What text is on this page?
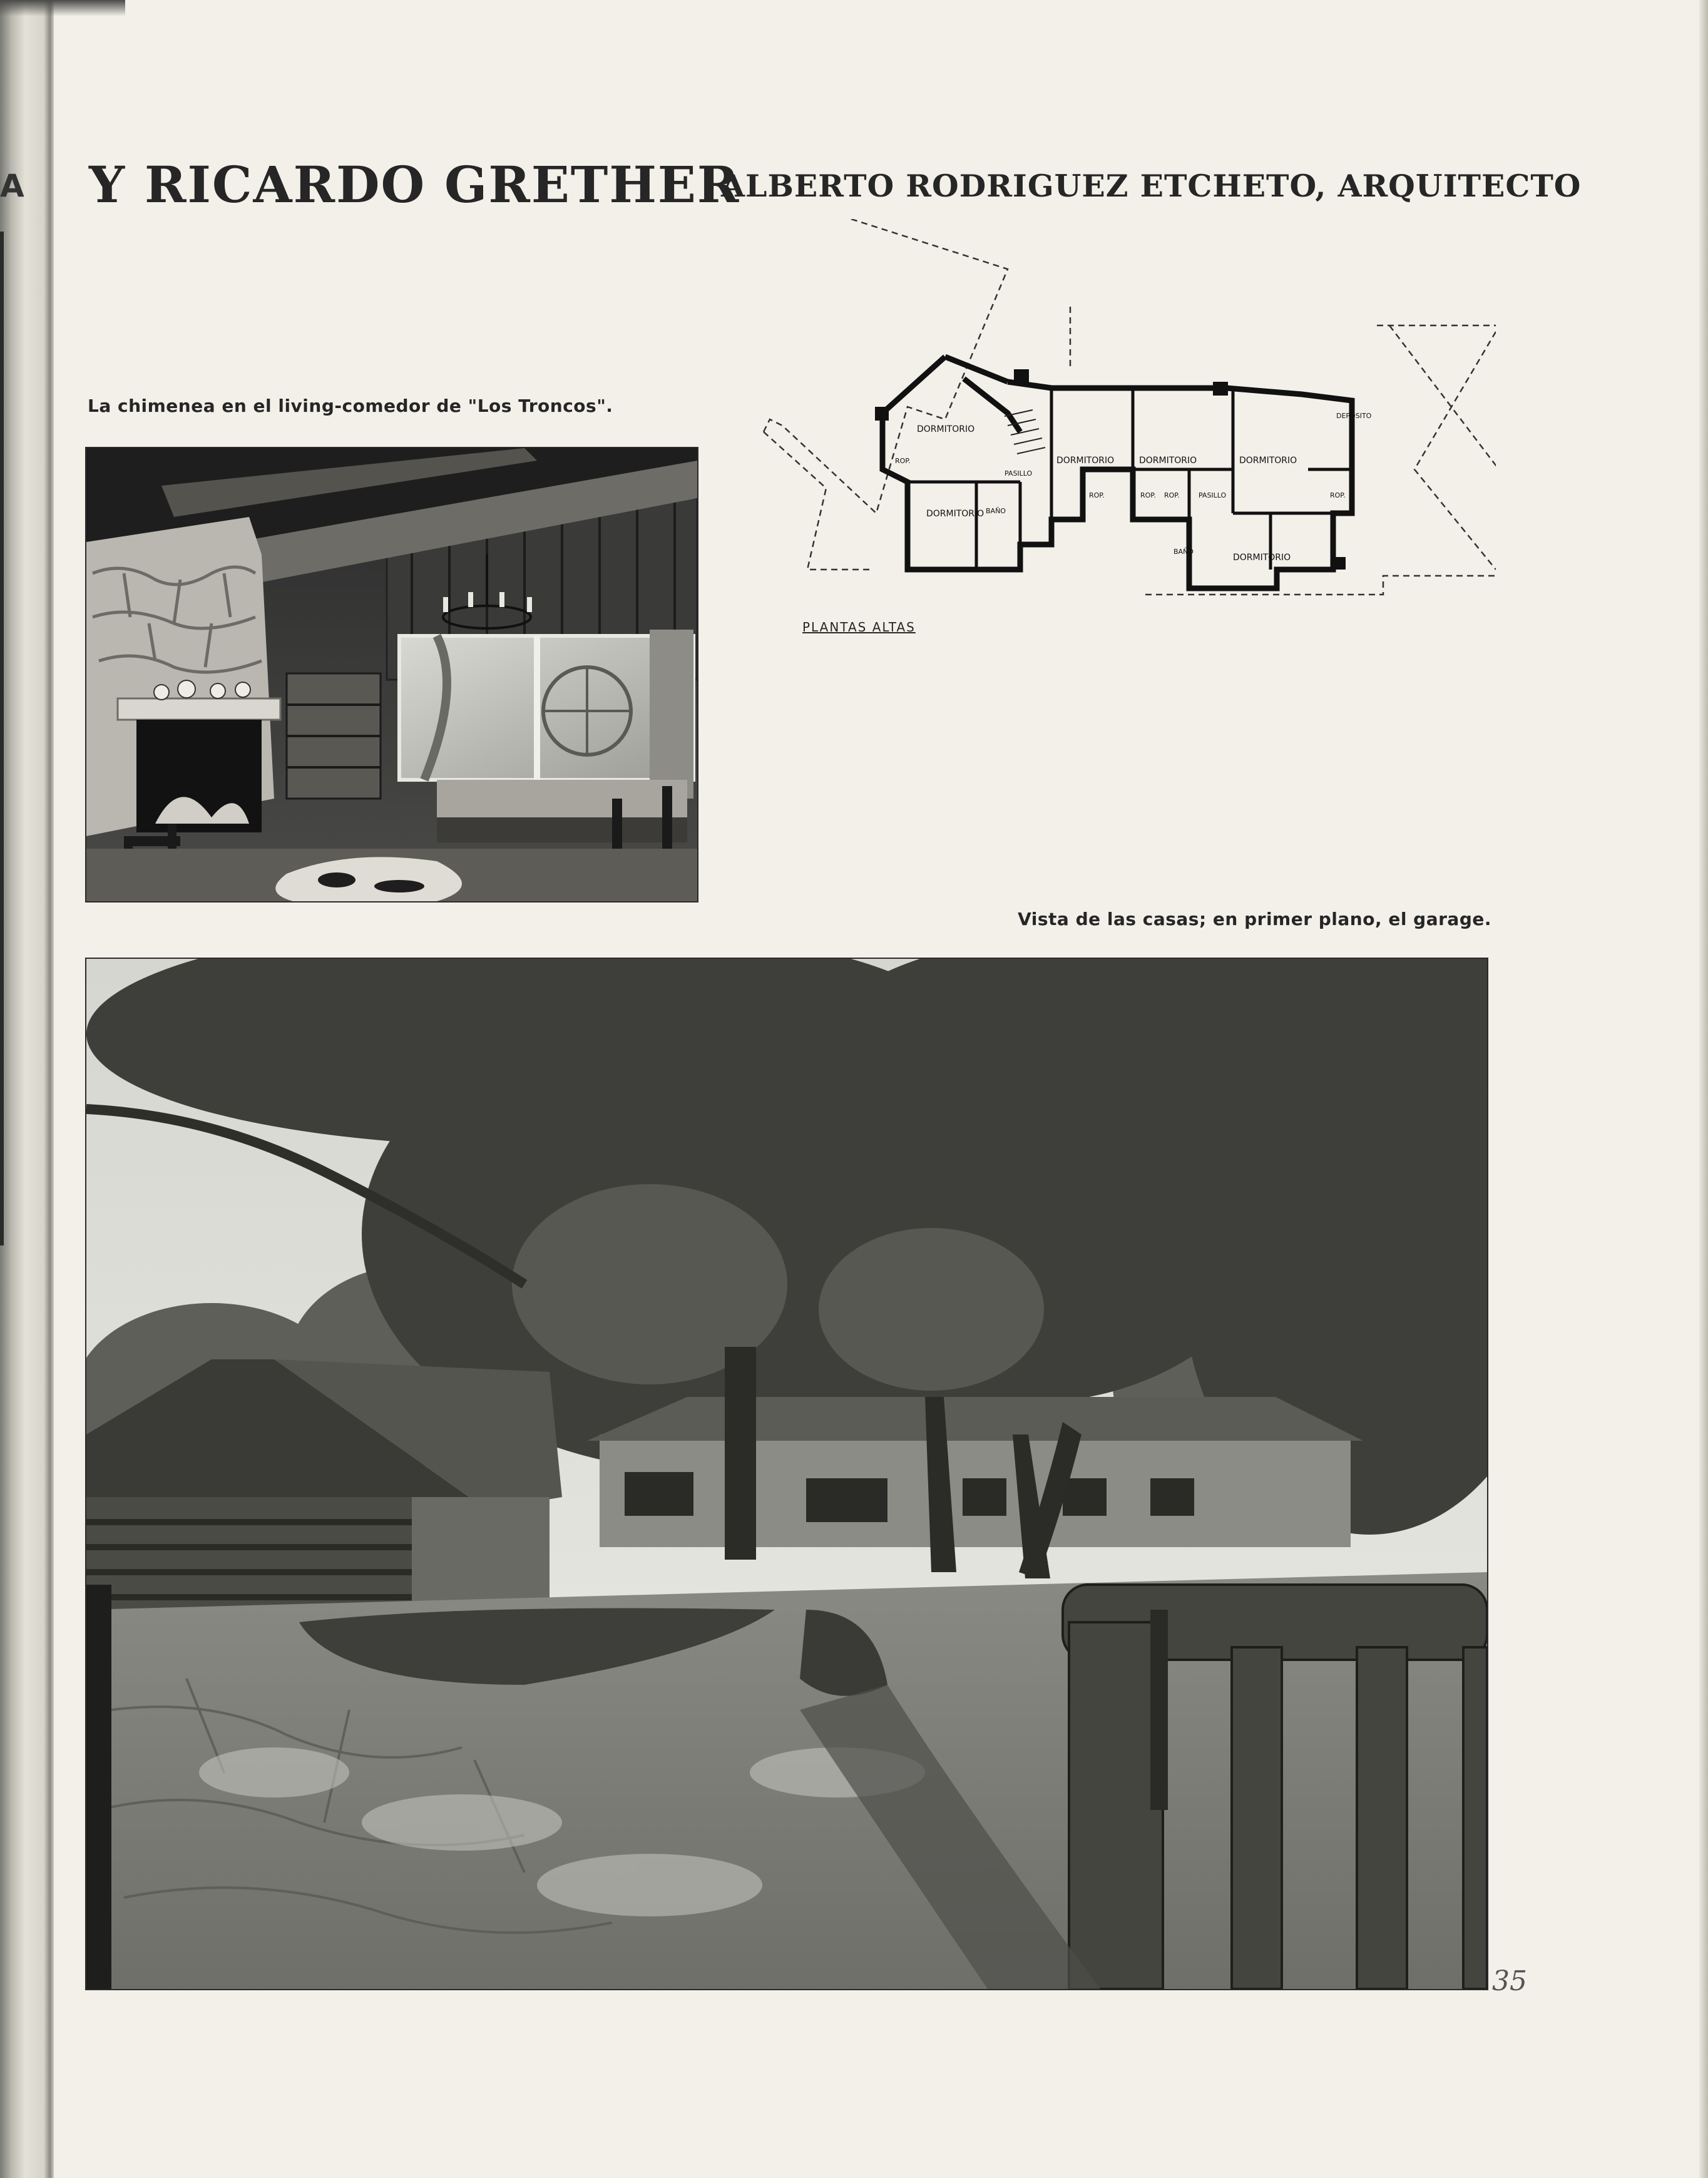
A Y RICARDO GRETHER
ALBERTO RODRIGUEZ ETCHETO, ARQUITECTO

La chimenea en el living-comedor de "Los Troncos".

DORMITORIO
DORMITORIO	DORMITORIO	DORMITORIO
DORMITORIO
DORMITORIO
BAÑO
BAÑO
ROP.
ROP.	ROP. ROP.	ROP.
PASILLO
PASILLO
DEPÓSITO

PLANTAS ALTAS

Vista de las casas; en primer plano, el garage.

35
